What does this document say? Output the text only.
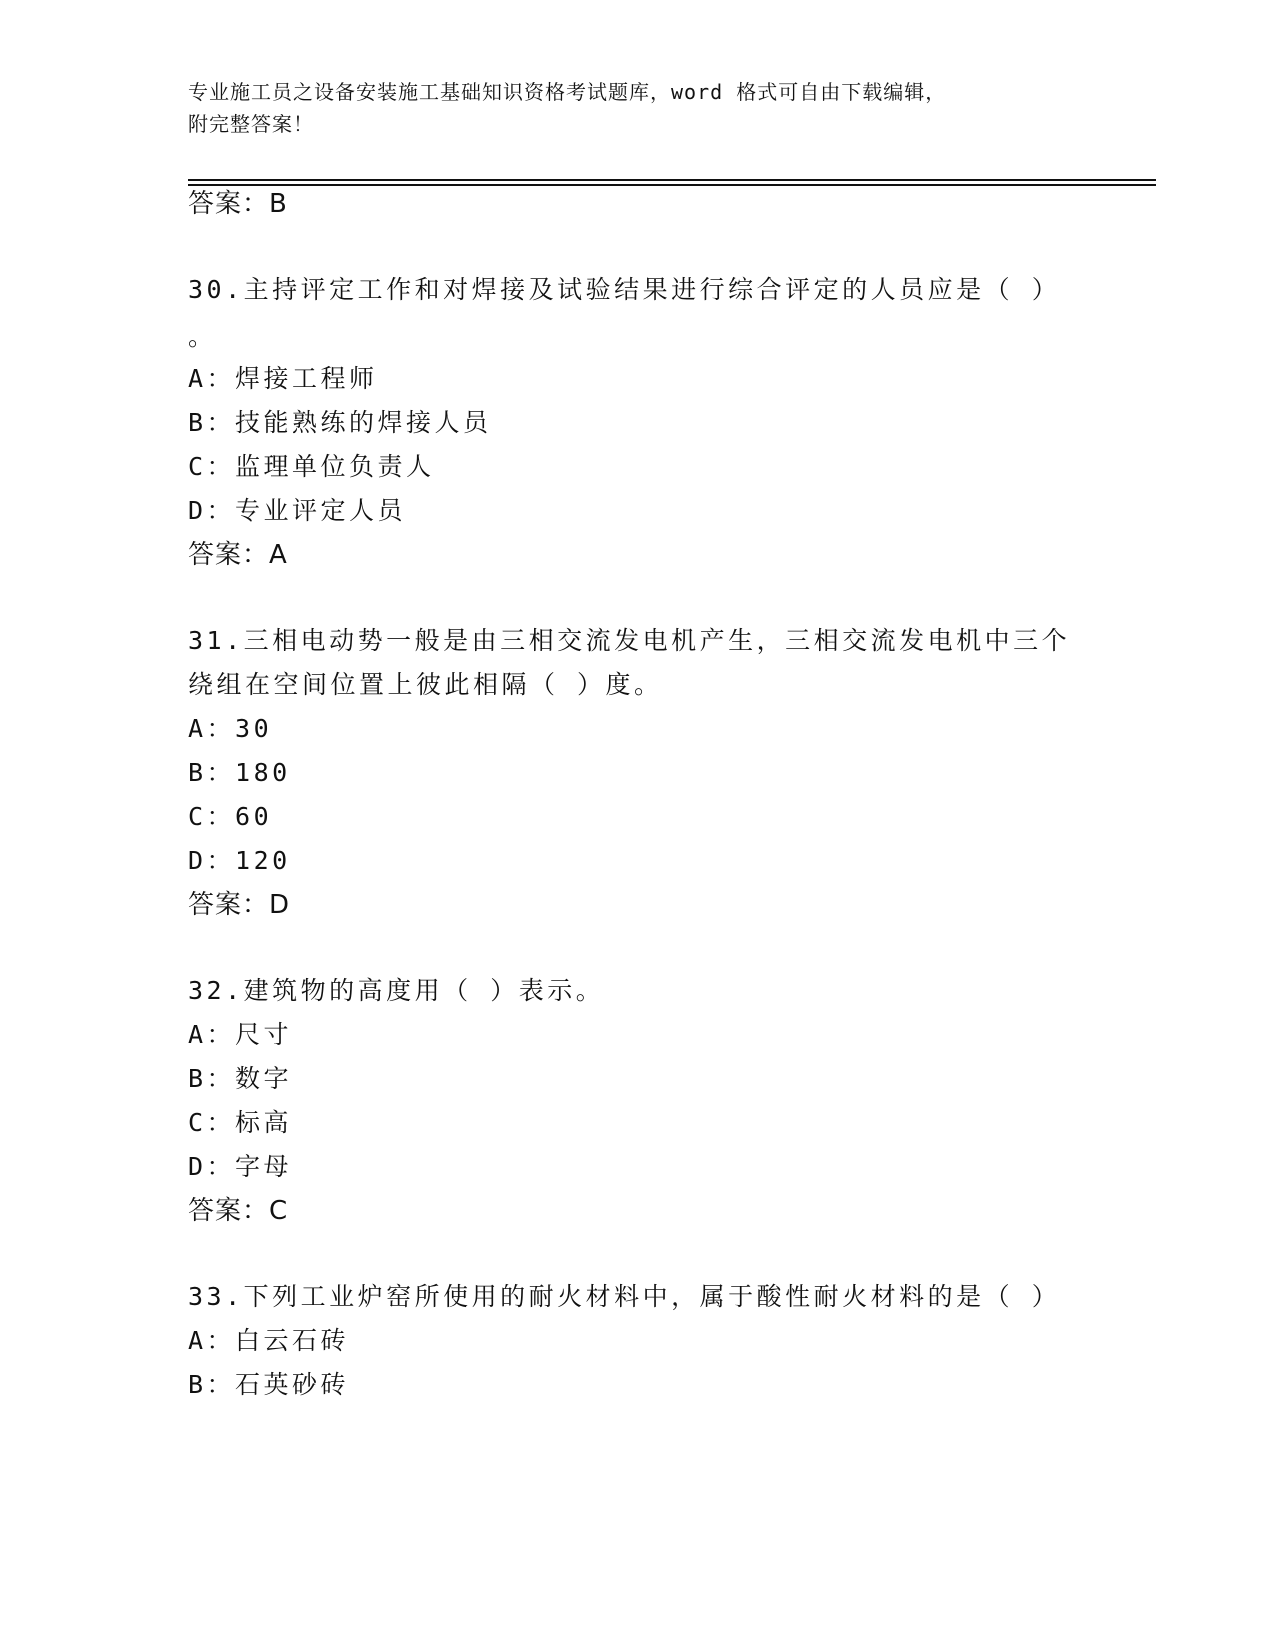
专业施工员之设备安装施工基础知识资格考试题库，word 格式可自由下载编辑，
附完整答案！
答案：B
30.主持评定工作和对焊接及试验结果进行综合评定的人员应是（ ）
。
A：焊接工程师
B：技能熟练的焊接人员
C：监理单位负责人
D：专业评定人员
答案：A
31.三相电动势一般是由三相交流发电机产生，三相交流发电机中三个
绕组在空间位置上彼此相隔（ ）度。
A：30
B：180
C：60
D：120
答案：D
32.建筑物的高度用（ ）表示。
A：尺寸
B：数字
C：标高
D：字母
答案：C
33.下列工业炉窑所使用的耐火材料中，属于酸性耐火材料的是（ ）
A：白云石砖
B：石英砂砖
